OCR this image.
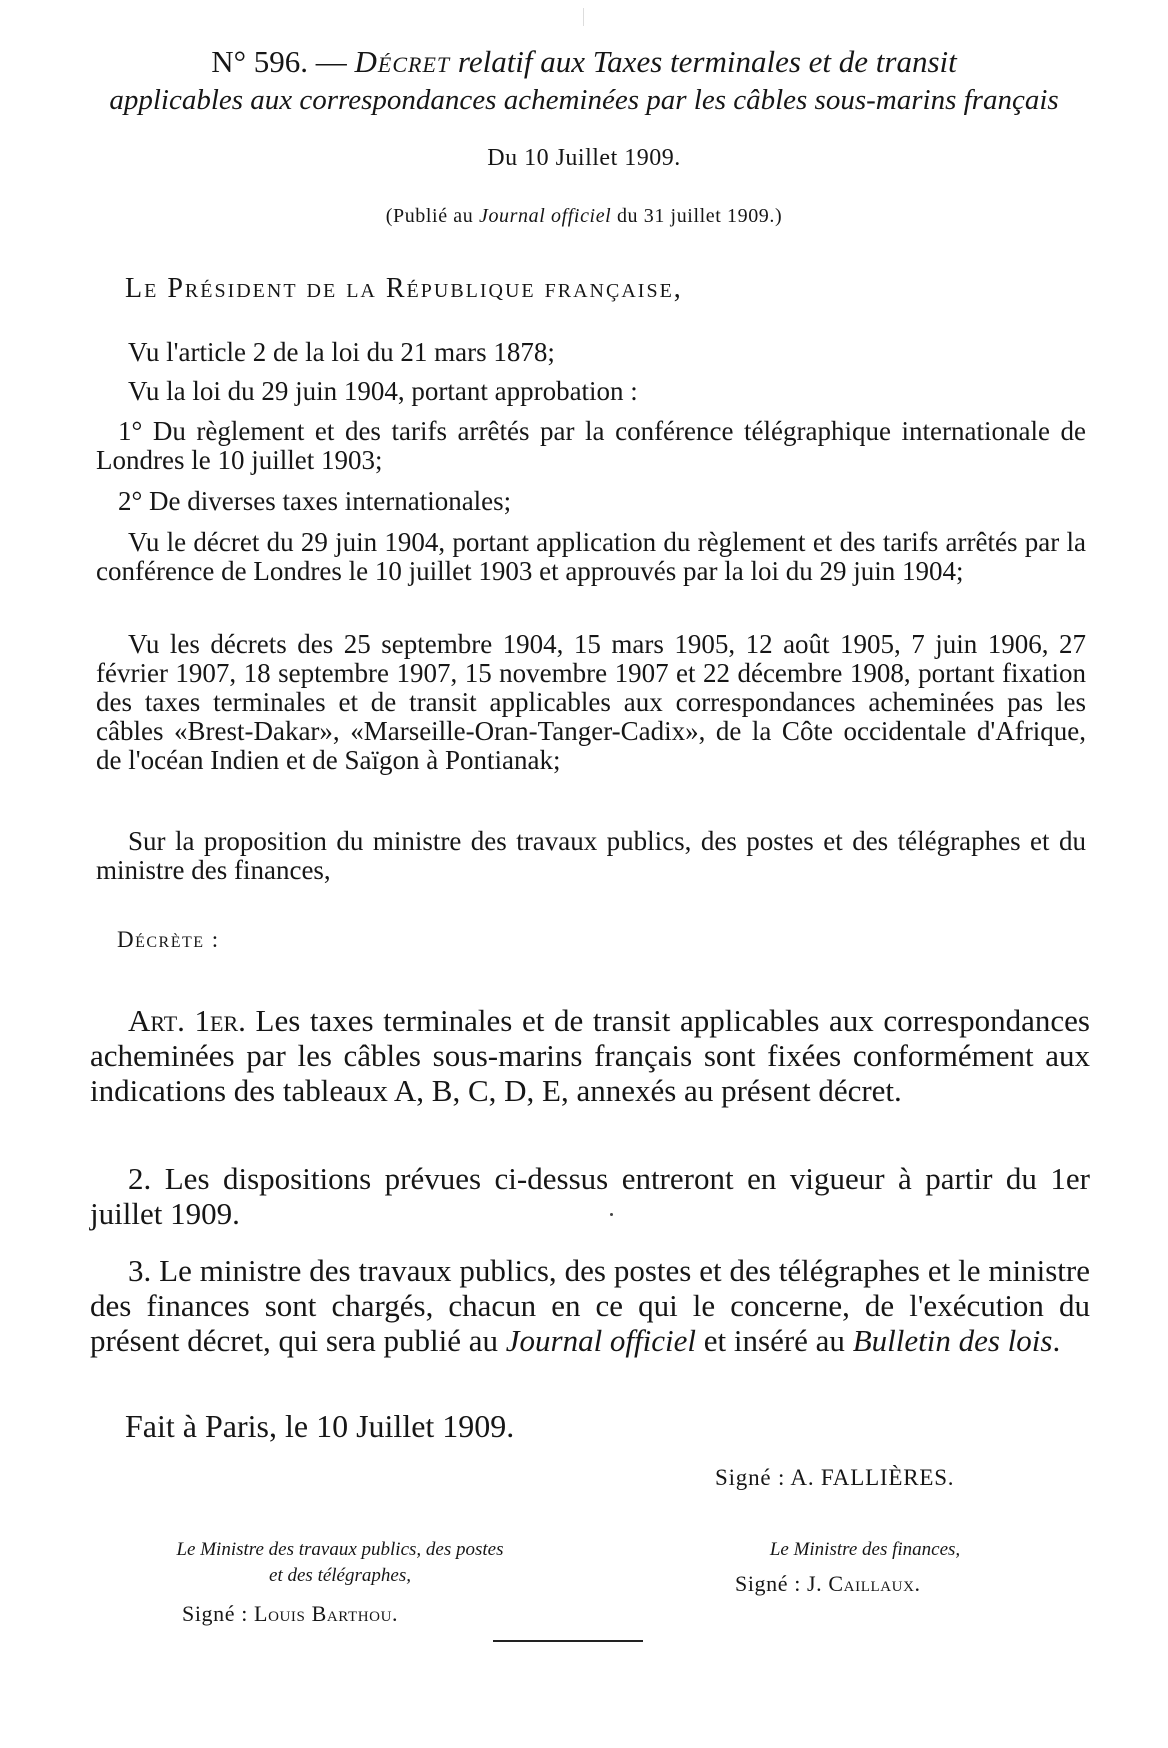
N° 596. — Décret relatif aux Taxes terminales et de transit
applicables aux correspondances acheminées par les câbles sous-marins français
Du 10 Juillet 1909.
(Publié au Journal officiel du 31 juillet 1909.)
Le Président de la République française,
Vu l'article 2 de la loi du 21 mars 1878;
Vu la loi du 29 juin 1904, portant approbation :
1° Du règlement et des tarifs arrêtés par la conférence télégraphique internationale de Londres le 10 juillet 1903;
2° De diverses taxes internationales;
Vu le décret du 29 juin 1904, portant application du règlement et des tarifs arrêtés par la conférence de Londres le 10 juillet 1903 et approuvés par la loi du 29 juin 1904;
Vu les décrets des 25 septembre 1904, 15 mars 1905, 12 août 1905, 7 juin 1906, 27 février 1907, 18 septembre 1907, 15 novembre 1907 et 22 décembre 1908, portant fixation des taxes terminales et de transit applicables aux correspondances acheminées pas les câbles «Brest-Dakar», «Marseille-Oran-Tanger-Cadix», de la Côte occidentale d'Afrique, de l'océan Indien et de Saïgon à Pontianak;
Sur la proposition du ministre des travaux publics, des postes et des télégraphes et du ministre des finances,
Décrète :
Art. 1er. Les taxes terminales et de transit applicables aux correspondances acheminées par les câbles sous-marins français sont fixées conformément aux indications des tableaux A, B, C, D, E, annexés au présent décret.
2. Les dispositions prévues ci-dessus entreront en vigueur à partir du 1er juillet 1909.
3. Le ministre des travaux publics, des postes et des télégraphes et le ministre des finances sont chargés, chacun en ce qui le concerne, de l'exécution du présent décret, qui sera publié au Journal officiel et inséré au Bulletin des lois.
Fait à Paris, le 10 Juillet 1909.
Signé : A. FALLIÈRES.
Le Ministre des travaux publics, des postes
et des télégraphes,
Signé : Louis Barthou.
Le Ministre des finances,
Signé : J. Caillaux.
